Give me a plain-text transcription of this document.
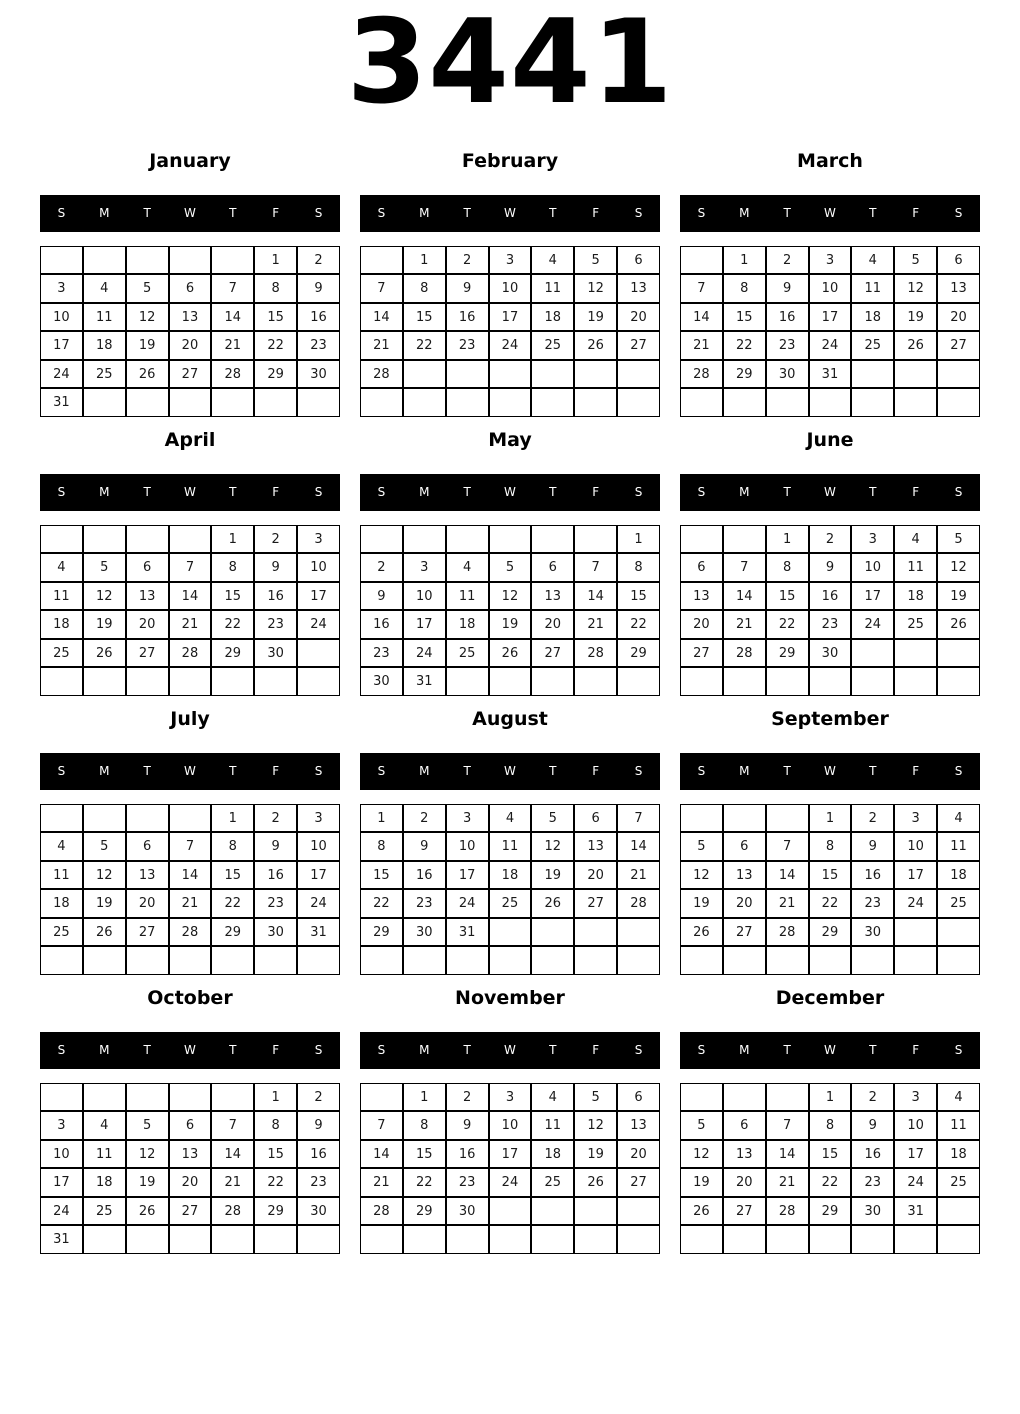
3441
January
S	M	T	W	T	F	S
					1	2
3	4	5	6	7	8	9
10	11	12	13	14	15	16
17	18	19	20	21	22	23
24	25	26	27	28	29	30
31						
February
S	M	T	W	T	F	S
	1	2	3	4	5	6
7	8	9	10	11	12	13
14	15	16	17	18	19	20
21	22	23	24	25	26	27
28						

March
S	M	T	W	T	F	S
	1	2	3	4	5	6
7	8	9	10	11	12	13
14	15	16	17	18	19	20
21	22	23	24	25	26	27
28	29	30	31			

April
S	M	T	W	T	F	S
				1	2	3
4	5	6	7	8	9	10
11	12	13	14	15	16	17
18	19	20	21	22	23	24
25	26	27	28	29	30	

May
S	M	T	W	T	F	S
						1
2	3	4	5	6	7	8
9	10	11	12	13	14	15
16	17	18	19	20	21	22
23	24	25	26	27	28	29
30	31					
June
S	M	T	W	T	F	S
		1	2	3	4	5
6	7	8	9	10	11	12
13	14	15	16	17	18	19
20	21	22	23	24	25	26
27	28	29	30			

July
S	M	T	W	T	F	S
				1	2	3
4	5	6	7	8	9	10
11	12	13	14	15	16	17
18	19	20	21	22	23	24
25	26	27	28	29	30	31

August
S	M	T	W	T	F	S
1	2	3	4	5	6	7
8	9	10	11	12	13	14
15	16	17	18	19	20	21
22	23	24	25	26	27	28
29	30	31				

September
S	M	T	W	T	F	S
			1	2	3	4
5	6	7	8	9	10	11
12	13	14	15	16	17	18
19	20	21	22	23	24	25
26	27	28	29	30		

October
S	M	T	W	T	F	S
					1	2
3	4	5	6	7	8	9
10	11	12	13	14	15	16
17	18	19	20	21	22	23
24	25	26	27	28	29	30
31						
November
S	M	T	W	T	F	S
	1	2	3	4	5	6
7	8	9	10	11	12	13
14	15	16	17	18	19	20
21	22	23	24	25	26	27
28	29	30				

December
S	M	T	W	T	F	S
			1	2	3	4
5	6	7	8	9	10	11
12	13	14	15	16	17	18
19	20	21	22	23	24	25
26	27	28	29	30	31	
